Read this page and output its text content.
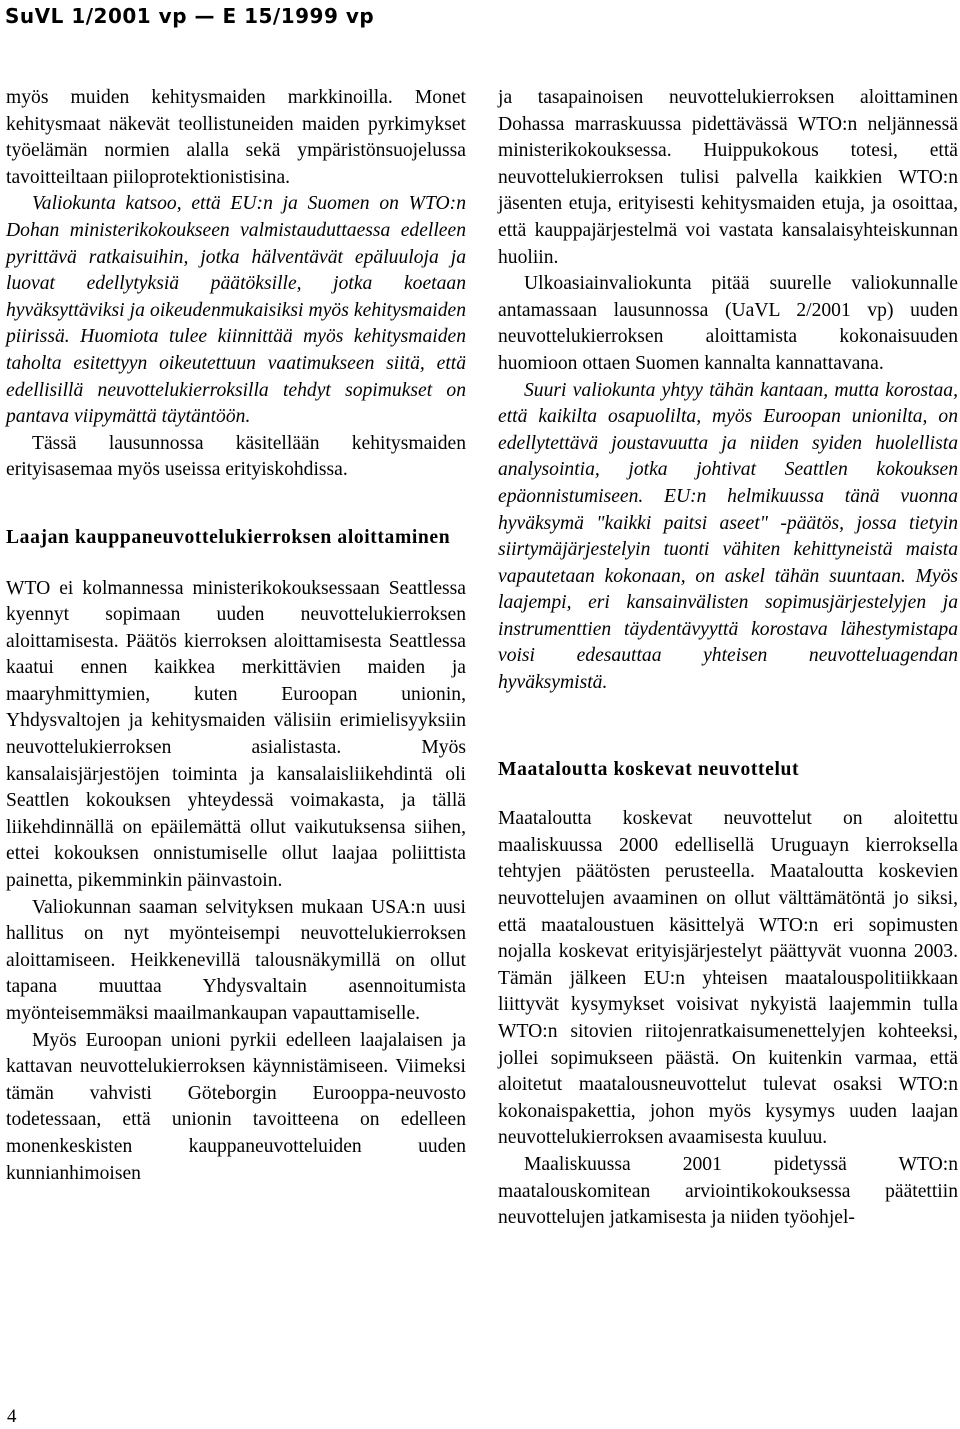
SuVL 1/2001 vp — E 15/1999 vp

myös muiden kehitysmaiden markkinoilla. Monet kehitysmaat näkevät teollistuneiden maiden pyrkimykset työelämän normien alalla sekä ympäristönsuojelussa tavoitteiltaan piiloprotektionistisina.

Valiokunta katsoo, että EU:n ja Suomen on WTO:n Dohan ministerikokoukseen valmistauduttaessa edelleen pyrittävä ratkaisuihin, jotka hälventävät epäluuloja ja luovat edellytyksiä päätöksille, jotka koetaan hyväksyttäviksi ja oikeudenmukaisiksi myös kehitysmaiden piirissä. Huomiota tulee kiinnittää myös kehitysmaiden taholta esitettyyn oikeutettuun vaatimukseen siitä, että edellisillä neuvottelukierroksilla tehdyt sopimukset on pantava viipymättä täytäntöön.

Tässä lausunnossa käsitellään kehitysmaiden erityisasemaa myös useissa erityiskohdissa.

Laajan kauppaneuvottelukierroksen aloittaminen

WTO ei kolmannessa ministerikokouksessaan Seattlessa kyennyt sopimaan uuden neuvottelukierroksen aloittamisesta. Päätös kierroksen aloittamisesta Seattlessa kaatui ennen kaikkea merkittävien maiden ja maaryhmittymien, kuten Euroopan unionin, Yhdysvaltojen ja kehitysmaiden välisiin erimielisyyksiin neuvottelukierroksen asialistasta. Myös kansalaisjärjestöjen toiminta ja kansalaisliikehdintä oli Seattlen kokouksen yhteydessä voimakasta, ja tällä liikehdinnällä on epäilemättä ollut vaikutuksensa siihen, ettei kokouksen onnistumiselle ollut laajaa poliittista painetta, pikemminkin päinvastoin.

Valiokunnan saaman selvityksen mukaan USA:n uusi hallitus on nyt myönteisempi neuvottelukierroksen aloittamiseen. Heikkenevillä talousnäkymillä on ollut tapana muuttaa Yhdysvaltain asennoitumista myönteisemmäksi maailmankaupan vapauttamiselle.

Myös Euroopan unioni pyrkii edelleen laajalaisen ja kattavan neuvottelukierroksen käynnistämiseen. Viimeksi tämän vahvisti Göteborgin Eurooppa-neuvosto todetessaan, että unionin tavoitteena on edelleen monenkeskisten kauppaneuvotteluiden uuden kunnianhimoisen

ja tasapainoisen neuvottelukierroksen aloittaminen Dohassa marraskuussa pidettävässä WTO:n neljännessä ministerikokouksessa. Huippukokous totesi, että neuvottelukierroksen tulisi palvella kaikkien WTO:n jäsenten etuja, erityisesti kehitysmaiden etuja, ja osoittaa, että kauppajärjestelmä voi vastata kansalaisyhteiskunnan huoliin.

Ulkoasiainvaliokunta pitää suurelle valiokunnalle antamassaan lausunnossa (UaVL 2/2001 vp) uuden neuvottelukierroksen aloittamista kokonaisuuden huomioon ottaen Suomen kannalta kannattavana.

Suuri valiokunta yhtyy tähän kantaan, mutta korostaa, että kaikilta osapuolilta, myös Euroopan unionilta, on edellytettävä joustavuutta ja niiden syiden huolellista analysointia, jotka johtivat Seattlen kokouksen epäonnistumiseen. EU:n helmikuussa tänä vuonna hyväksymä "kaikki paitsi aseet" -päätös, jossa tietyin siirtymäjärjestelyin tuonti vähiten kehittyneistä maista vapautetaan kokonaan, on askel tähän suuntaan. Myös laajempi, eri kansainvälisten sopimusjärjestelyjen ja instrumenttien täydentävyyttä korostava lähestymistapa voisi edesauttaa yhteisen neuvotteluagendan hyväksymistä.

Maataloutta koskevat neuvottelut

Maataloutta koskevat neuvottelut on aloitettu maaliskuussa 2000 edellisellä Uruguayn kierroksella tehtyjen päätösten perusteella. Maataloutta koskevien neuvottelujen avaaminen on ollut välttämätöntä jo siksi, että maataloustuen käsittelyä WTO:n eri sopimusten nojalla koskevat erityisjärjestelyt päättyvät vuonna 2003. Tämän jälkeen EU:n yhteisen maatalouspolitiikkaan liittyvät kysymykset voisivat nykyistä laajemmin tulla WTO:n sitovien riitojenratkaisumenettelyjen kohteeksi, jollei sopimukseen päästä. On kuitenkin varmaa, että aloitetut maatalousneuvottelut tulevat osaksi WTO:n kokonaispakettia, johon myös kysymys uuden laajan neuvottelukierroksen avaamisesta kuuluu.

Maaliskuussa 2001 pidetyssä WTO:n maatalouskomitean arviointikokouksessa päätettiin neuvottelujen jatkamisesta ja niiden työohjel-

4
